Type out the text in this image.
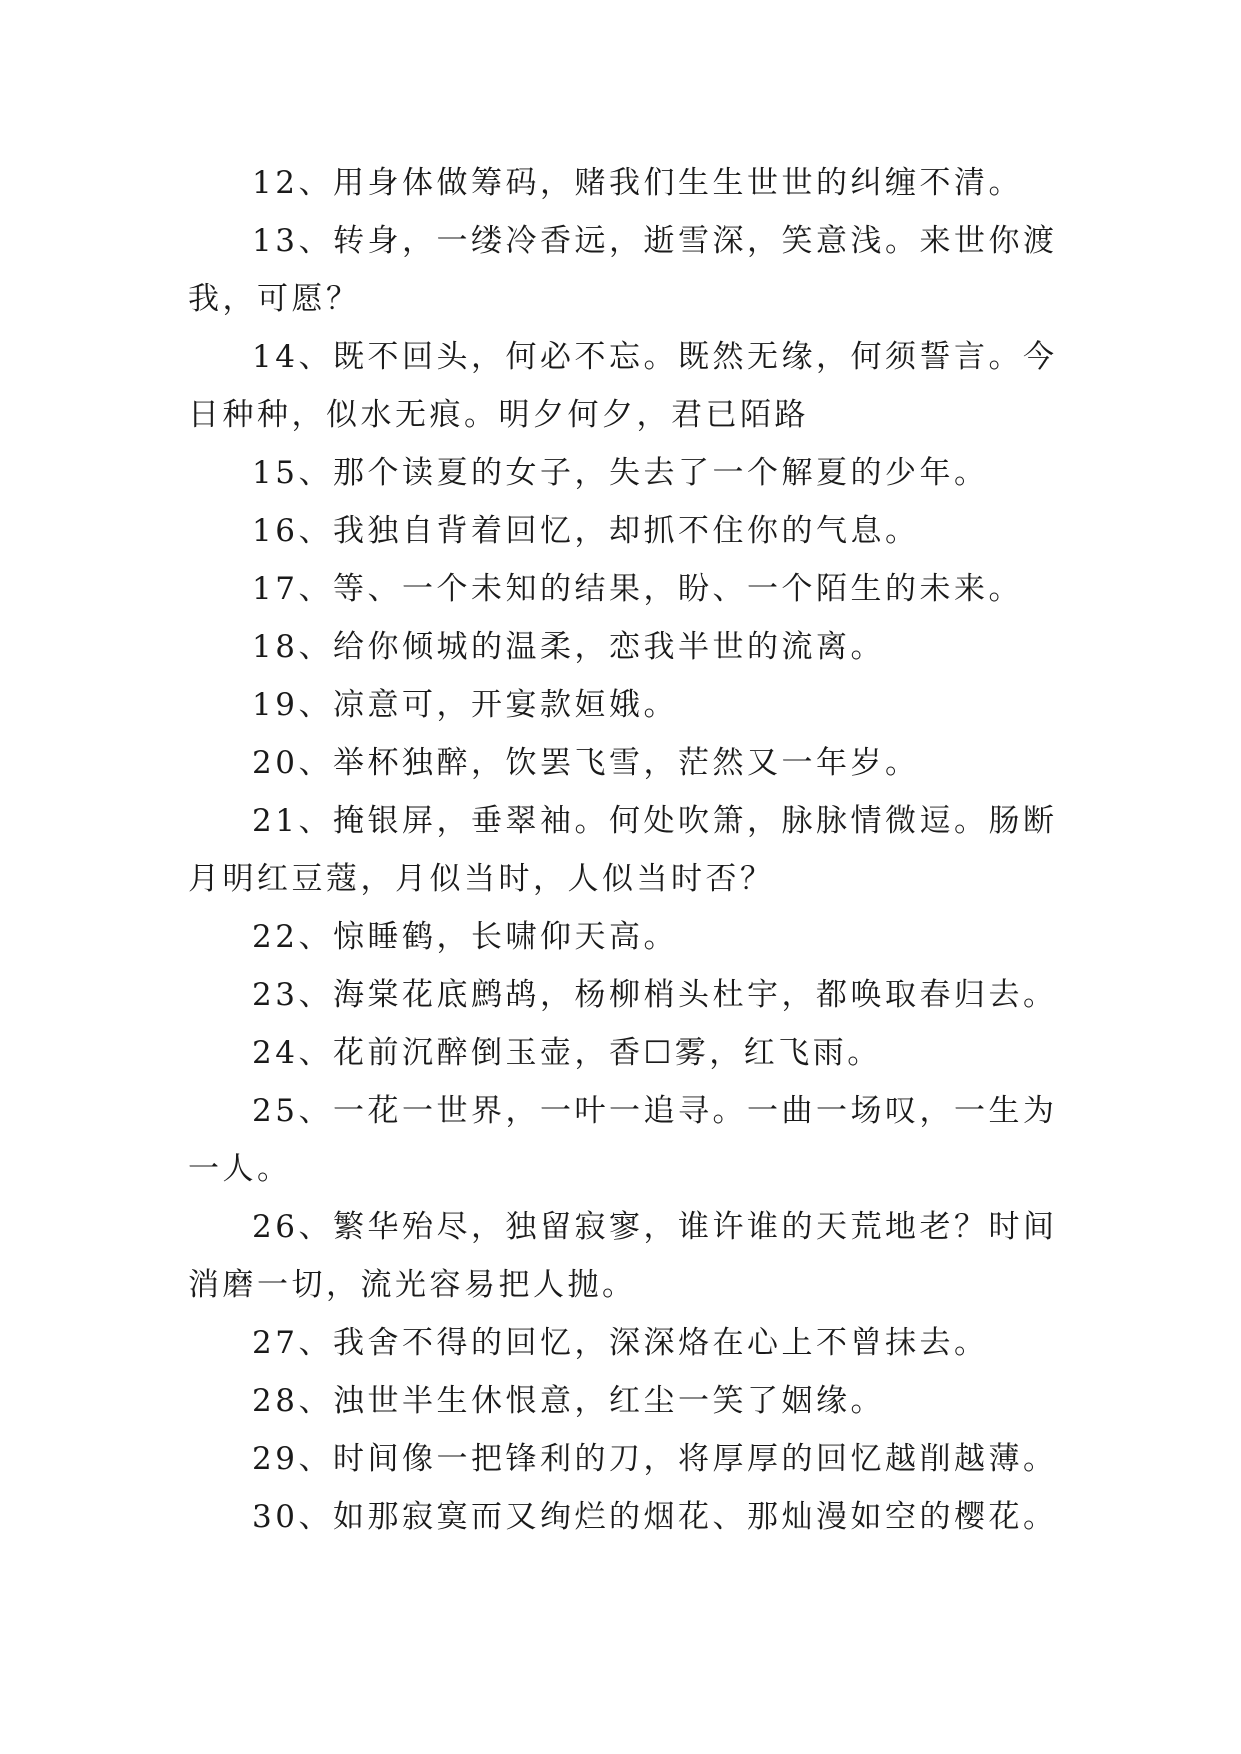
12、用身体做筹码，赌我们生生世世的纠缠不清。

13、转身，一缕冷香远，逝雪深，笑意浅。来世你渡我，可愿？

14、既不回头，何必不忘。既然无缘，何须誓言。今日种种，似水无痕。明夕何夕，君已陌路

15、那个读夏的女子，失去了一个解夏的少年。

16、我独自背着回忆，却抓不住你的气息。

17、等、一个未知的结果，盼、一个陌生的未来。

18、给你倾城的温柔，恋我半世的流离。

19、凉意可，开宴款姮娥。

20、举杯独醉，饮罢飞雪，茫然又一年岁。

21、掩银屏，垂翠袖。何处吹箫，脉脉情微逗。肠断月明红豆蔻，月似当时，人似当时否？

22、惊睡鹤，长啸仰天高。

23、海棠花底鹧鸪，杨柳梢头杜宇，都唤取春归去。

24、花前沉醉倒玉壶，香☐雾，红飞雨。

25、一花一世界，一叶一追寻。一曲一场叹，一生为一人。

26、繁华殆尽，独留寂寥，谁许谁的天荒地老？时间消磨一切，流光容易把人抛。

27、我舍不得的回忆，深深烙在心上不曾抹去。

28、浊世半生休恨意，红尘一笑了姻缘。

29、时间像一把锋利的刀，将厚厚的回忆越削越薄。

30、如那寂寞而又绚烂的烟花、那灿漫如空的樱花。
